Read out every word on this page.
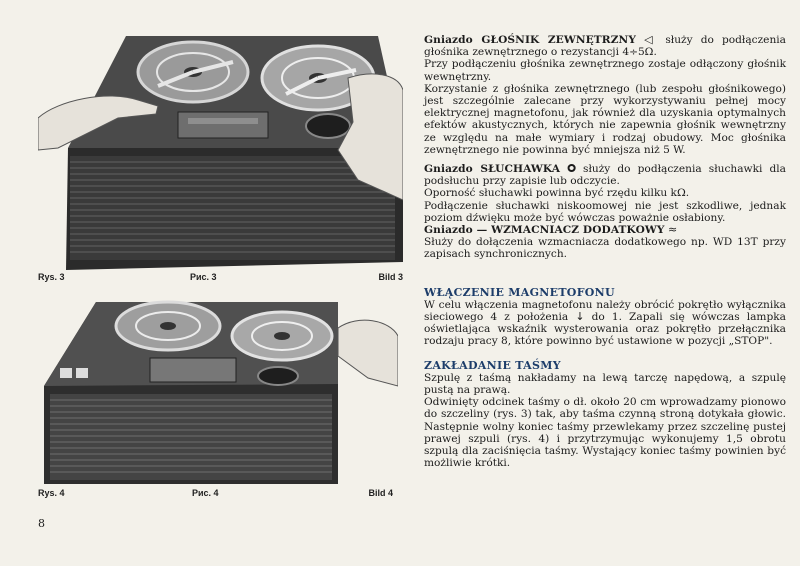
Rys. 3	Рис. 3	Bild 3
Rys. 4	Рис. 4	Bild 4

Gniazdo GŁOŚNIK ZEWNĘTRZNY ◁ służy do podłączenia głośnika zewnętrznego o rezystancji 4÷5Ω.

Przy podłączeniu głośnika zewnętrznego zostaje odłączony głośnik wewnętrzny.

Korzystanie z głośnika zewnętrznego (lub zespołu głośnikowego) jest szczególnie zalecane przy wykorzystywaniu pełnej mocy elektrycznej magnetofonu, jak również dla uzyskania optymalnych efektów akustycznych, których nie zapewnia głośnik wewnętrzny ze względu na małe wymiary i rodzaj obudowy. Moc głośnika zewnętrznego nie powinna być mniejsza niż 5 W.

Gniazdo SŁUCHAWKA 🞉 służy do podłączenia słuchawki dla podsłuchu przy zapisie lub odczycie.

Oporność słuchawki powinna być rzędu kilku kΩ.

Podłączenie słuchawki niskoomowej nie jest szkodliwe, jednak poziom dźwięku może być wówczas poważnie osłabiony.

Gniazdo — WZMACNIACZ DODATKOWY ≈

Służy do dołączenia wzmacniacza dodatkowego np. WD 13T przy zapisach synchronicznych.

WŁĄCZENIE MAGNETOFONU

W celu włączenia magnetofonu należy obrócić pokrętło wyłącznika sieciowego 4 z położenia ↓ do 1. Zapali się wówczas lampka oświetlająca wskaźnik wysterowania oraz pokrętło przełącznika rodzaju pracy 8, które powinno być ustawione w pozycji „STOP".

ZAKŁADANIE TAŚMY

Szpulę z taśmą nakładamy na lewą tarczę napędową, a szpulę pustą na prawą.

Odwinięty odcinek taśmy o dł. około 20 cm wprowadzamy pionowo do szczeliny (rys. 3) tak, aby taśma czynną stroną dotykała głowic. Następnie wolny koniec taśmy przewlekamy przez szczelinę pustej prawej szpuli (rys. 4) i przytrzymując wykonujemy 1,5 obrotu szpulą dla zaciśnięcia taśmy. Wystający koniec taśmy powinien być możliwie krótki.

8
